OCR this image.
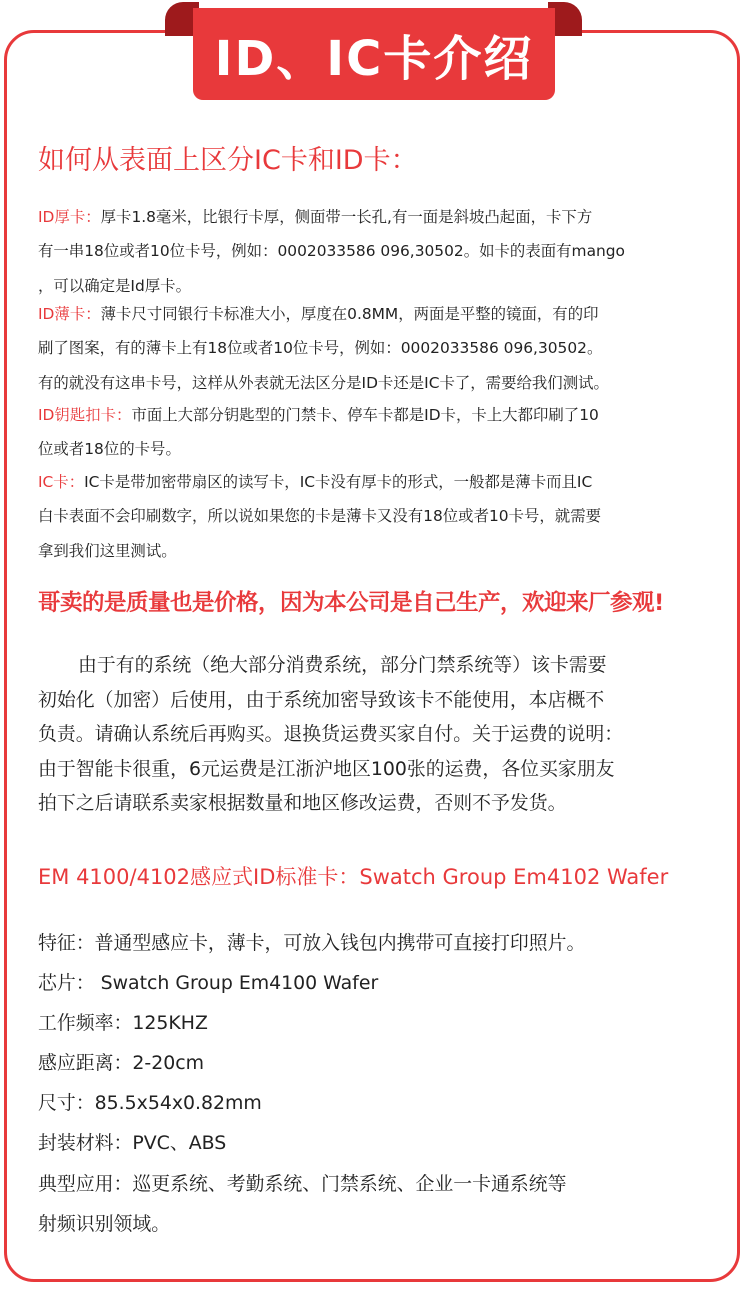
ID、IC卡介绍
如何从表面上区分IC卡和ID卡：
ID厚卡：厚卡1.8毫米，比银行卡厚，侧面带一长孔,有一面是斜坡凸起面，卡下方
有一串18位或者10位卡号，例如：0002033586 096,30502。如卡的表面有mango
，可以确定是Id厚卡。
ID薄卡：薄卡尺寸同银行卡标准大小，厚度在0.8MM，两面是平整的镜面，有的印
刷了图案，有的薄卡上有18位或者10位卡号，例如：0002033586 096,30502。
有的就没有这串卡号，这样从外表就无法区分是ID卡还是IC卡了，需要给我们测试。
ID钥匙扣卡：市面上大部分钥匙型的门禁卡、停车卡都是ID卡，卡上大都印刷了10
位或者18位的卡号。
IC卡：IC卡是带加密带扇区的读写卡，IC卡没有厚卡的形式，一般都是薄卡而且IC
白卡表面不会印刷数字，所以说如果您的卡是薄卡又没有18位或者10卡号，就需要
拿到我们这里测试。
哥卖的是质量也是价格，因为本公司是自己生产，欢迎来厂参观!
由于有的系统（绝大部分消费系统，部分门禁系统等）该卡需要
初始化（加密）后使用，由于系统加密导致该卡不能使用，本店概不
负责。请确认系统后再购买。退换货运费买家自付。关于运费的说明：
由于智能卡很重，6元运费是江浙沪地区100张的运费，各位买家朋友
拍下之后请联系卖家根据数量和地区修改运费，否则不予发货。
EM 4100/4102感应式ID标准卡：Swatch Group Em4102 Wafer
特征：普通型感应卡，薄卡，可放入钱包内携带可直接打印照片。
芯片： Swatch Group Em4100 Wafer
工作频率：125KHZ
感应距离：2-20cm
尺寸：85.5x54x0.82mm
封装材料：PVC、ABS
典型应用：巡更系统、考勤系统、门禁系统、企业一卡通系统等
射频识别领域。
